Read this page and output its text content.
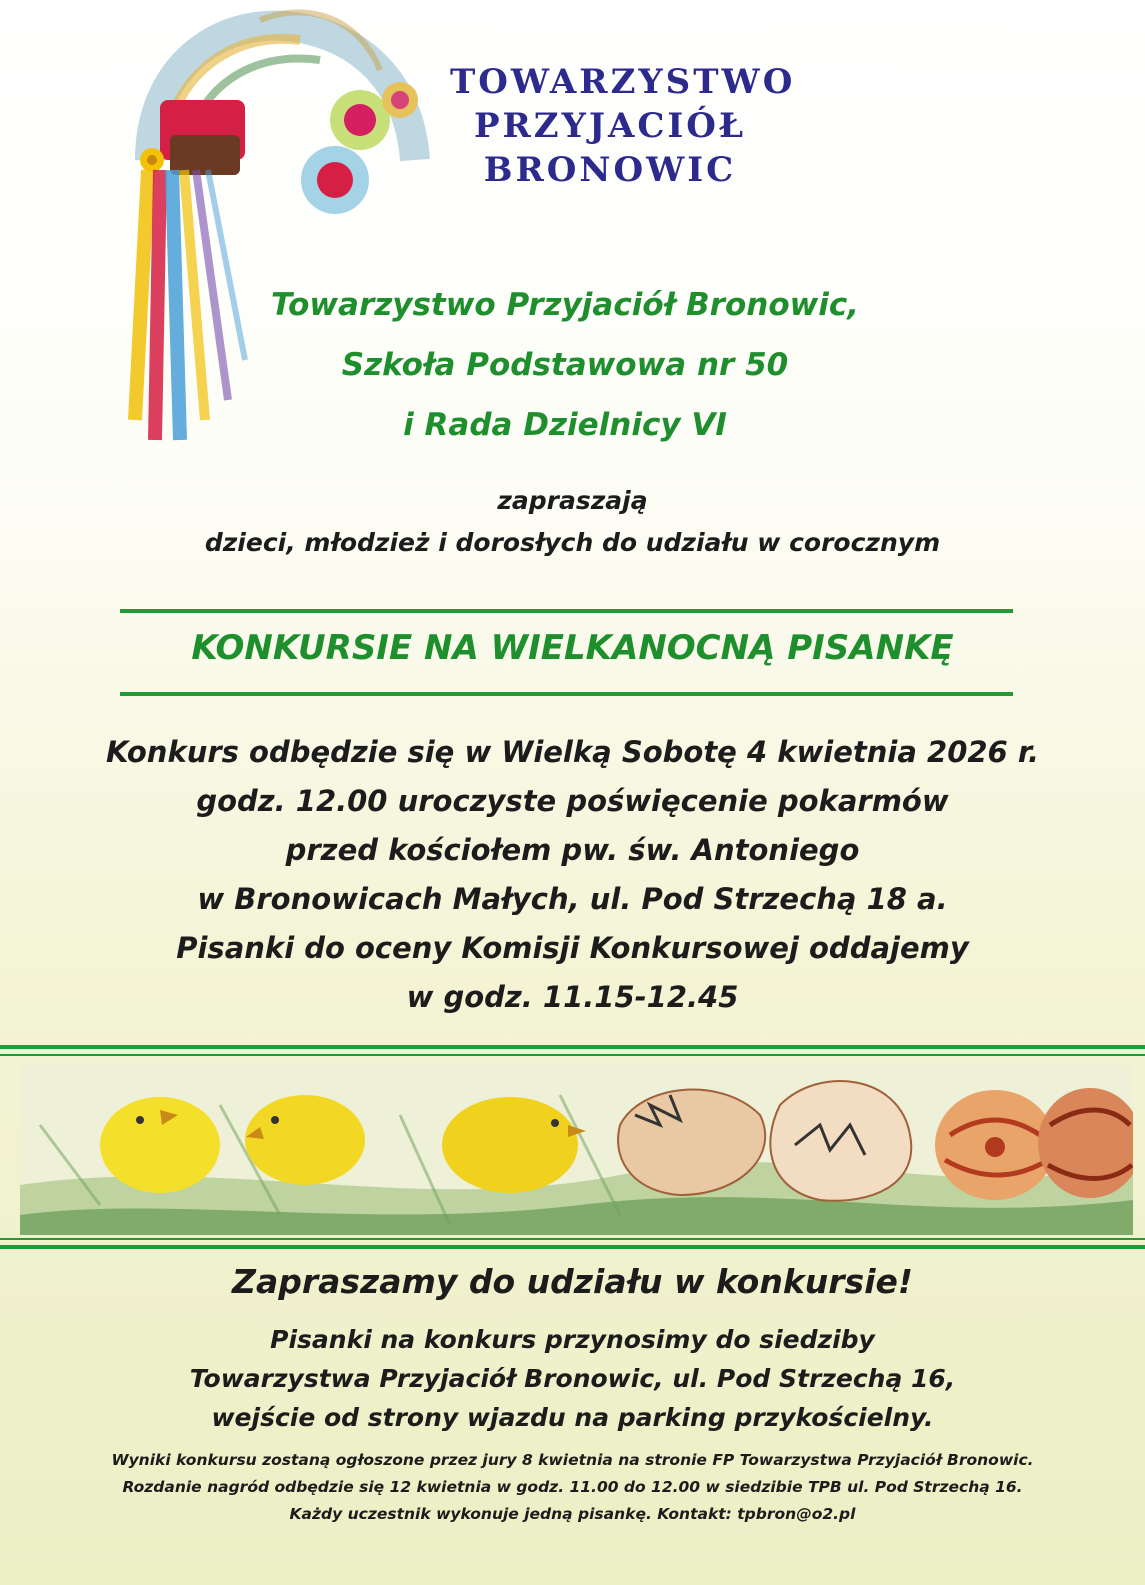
TOWARZYSTWO
PRZYJACIÓŁ
BRONOWIC
Towarzystwo Przyjaciół Bronowic,
Szkoła Podstawowa nr 50
i Rada Dzielnicy VI
zapraszają
dzieci, młodzież i dorosłych do udziału w corocznym
KONKURSIE NA WIELKANOCNĄ PISANKĘ
Konkurs odbędzie się w Wielką Sobotę 4 kwietnia 2026 r.
godz. 12.00 uroczyste poświęcenie pokarmów
przed kościołem pw. św. Antoniego
w Bronowicach Małych, ul. Pod Strzechą 18 a.
Pisanki do oceny Komisji Konkursowej oddajemy
w godz. 11.15-12.45
Zapraszamy do udziału w konkursie!
Pisanki na konkurs przynosimy do siedziby
Towarzystwa Przyjaciół Bronowic, ul. Pod Strzechą 16,
wejście od strony wjazdu na parking przykościelny.
Wyniki konkursu zostaną ogłoszone przez jury 8 kwietnia na stronie FP Towarzystwa Przyjaciół Bronowic.
Rozdanie nagród odbędzie się 12 kwietnia w godz. 11.00 do 12.00 w siedzibie TPB ul. Pod Strzechą 16.
Każdy uczestnik wykonuje jedną pisankę. Kontakt: tpbron@o2.pl
